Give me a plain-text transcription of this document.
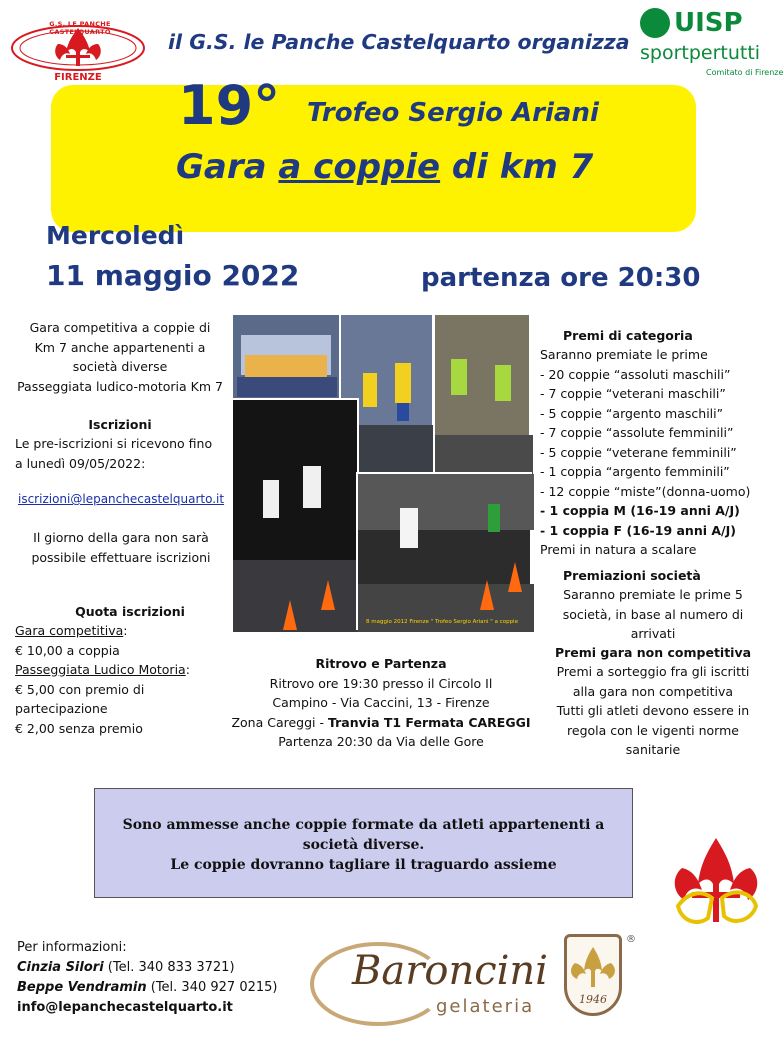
G.S. LE PANCHE CASTELQUARTO
FIRENZE
il G.S. le Panche Castelquarto organizza
UISP
sportpertutti
Comitato di Firenze
19° Trofeo Sergio Ariani
Gara a coppie di km 7
Mercoledì
11 maggio 2022	partenza ore 20:30
Gara competitiva a coppie di
Km 7 anche appartenenti a
società diverse
Passeggiata ludico-motoria Km 7
Iscrizioni
Le pre-iscrizioni si ricevono fino
a lunedì 09/05/2022:
iscrizioni@lepanchecastelquarto.it
Il giorno della gara non sarà
possibile effettuare iscrizioni
Quota iscrizioni
Gara competitiva:
€ 10,00 a coppia
Passeggiata Ludico Motoria:
€ 5,00 con premio di
partecipazione
€ 2,00 senza premio
8 maggio 2012 Firenze " Trofeo Sergio Ariani " a coppie
Ritrovo e Partenza
Ritrovo ore 19:30 presso il Circolo Il
Campino - Via Caccini, 13 - Firenze
Zona Careggi - Tranvia T1 Fermata CAREGGI
Partenza 20:30 da Via delle Gore
Premi di categoria
Saranno premiate le prime
- 20 coppie “assoluti maschili”
- 7 coppie “veterani maschili”
- 5 coppie “argento maschili”
- 7 coppie “assolute femminili”
- 5 coppie “veterane femminili”
- 1 coppia “argento femminili”
- 12 coppie “miste”(donna-uomo)
- 1 coppia M (16-19 anni A/J)
- 1 coppia F (16-19 anni A/J)
Premi in natura a scalare
Premiazioni società
Saranno premiate le prime 5
società, in base al numero di
arrivati
Premi gara non competitiva
Premi a sorteggio fra gli iscritti
alla gara non competitiva
Tutti gli atleti devono essere in
regola con le vigenti norme
sanitarie
Sono ammesse anche coppie formate da atleti appartenenti a
società diverse.
Le coppie dovranno tagliare il traguardo assieme
Per informazioni:
Cinzia Silori (Tel. 340 833 3721)
Beppe Vendramin (Tel. 340 927 0215)
info@lepanchecastelquarto.it
Baroncini
gelateria	1946
®
